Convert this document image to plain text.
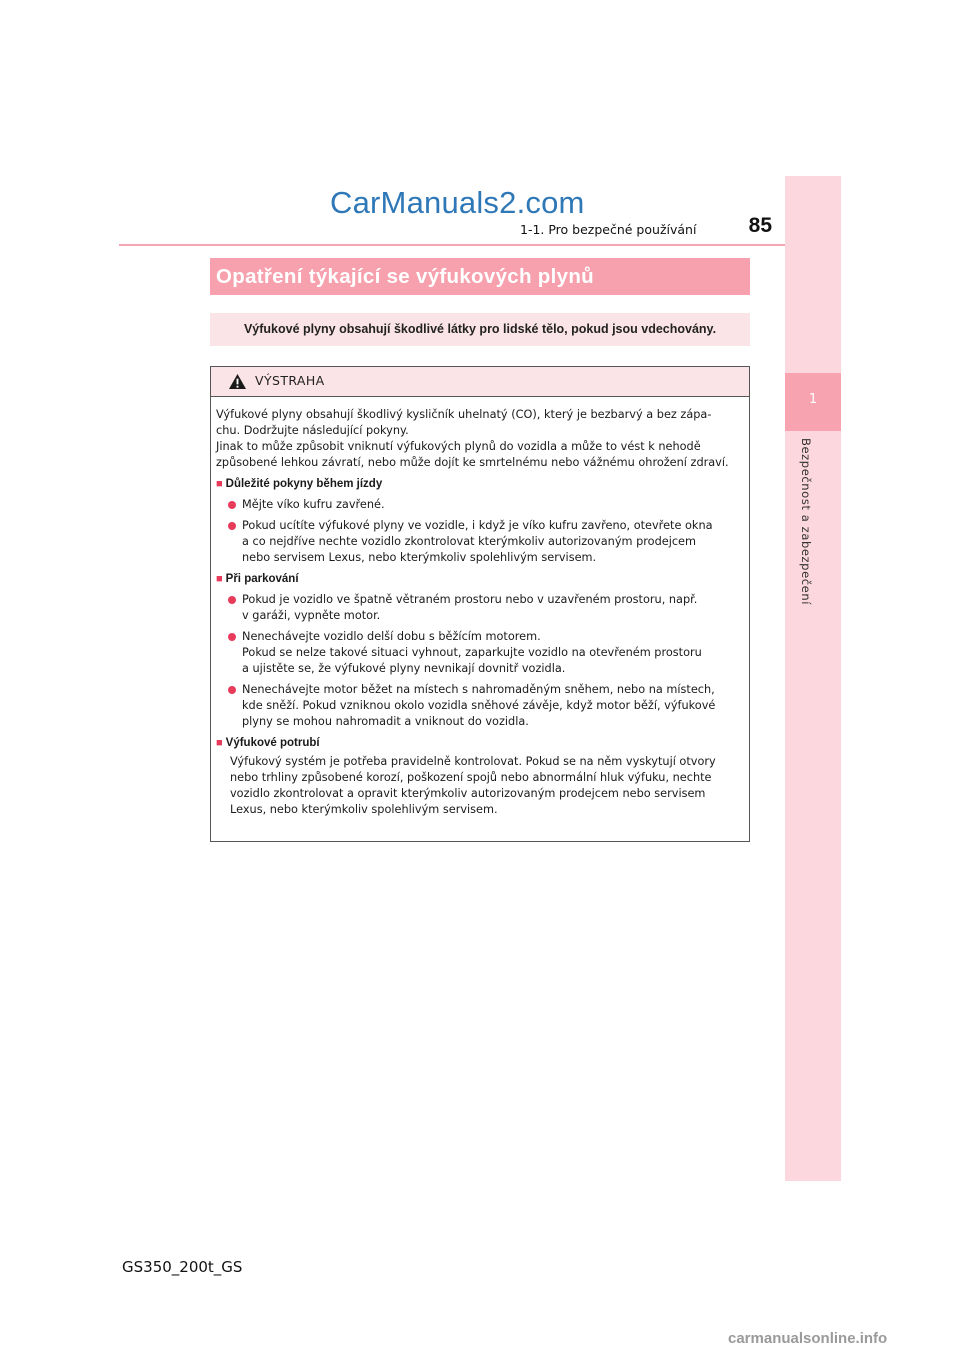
CarManuals2.com
85
1-1. Pro bezpečné používání
1
Bezpečnost a zabezpečení
Opatření týkající se výfukových plynů
Výfukové plyny obsahují škodlivé látky pro lidské tělo, pokud jsou vdechovány.
VÝSTRAHA

Výfukové plyny obsahují škodlivý kysličník uhelnatý (CO), který je bezbarvý a bez zápa-
chu. Dodržujte následující pokyny.
Jinak to může způsobit vniknutí výfukových plynů do vozidla a může to vést k nehodě
způsobené lehkou závratí, nebo může dojít ke smrtelnému nebo vážnému ohrožení zdraví.

■ Důležité pokyny během jízdy

Mějte víko kufru zavřené.

Pokud ucítíte výfukové plyny ve vozidle, i když je víko kufru zavřeno, otevřete okna
a co nejdříve nechte vozidlo zkontrolovat kterýmkoliv autorizovaným prodejcem
nebo servisem Lexus, nebo kterýmkoliv spolehlivým servisem.

■ Při parkování

Pokud je vozidlo ve špatně větraném prostoru nebo v uzavřeném prostoru, např.
v garáži, vypněte motor.

Nenechávejte vozidlo delší dobu s běžícím motorem.
Pokud se nelze takové situaci vyhnout, zaparkujte vozidlo na otevřeném prostoru
a ujistěte se, že výfukové plyny nevnikají dovnitř vozidla.

Nenechávejte motor běžet na místech s nahromaděným sněhem, nebo na místech,
kde sněží. Pokud vzniknou okolo vozidla sněhové závěje, když motor běží, výfukové
plyny se mohou nahromadit a vniknout do vozidla.

■ Výfukové potrubí

Výfukový systém je potřeba pravidelně kontrolovat. Pokud se na něm vyskytují otvory
nebo trhliny způsobené korozí, poškození spojů nebo abnormální hluk výfuku, nechte
vozidlo zkontrolovat a opravit kterýmkoliv autorizovaným prodejcem nebo servisem
Lexus, nebo kterýmkoliv spolehlivým servisem.

GS350_200t_GS
carmanualsonline.info
